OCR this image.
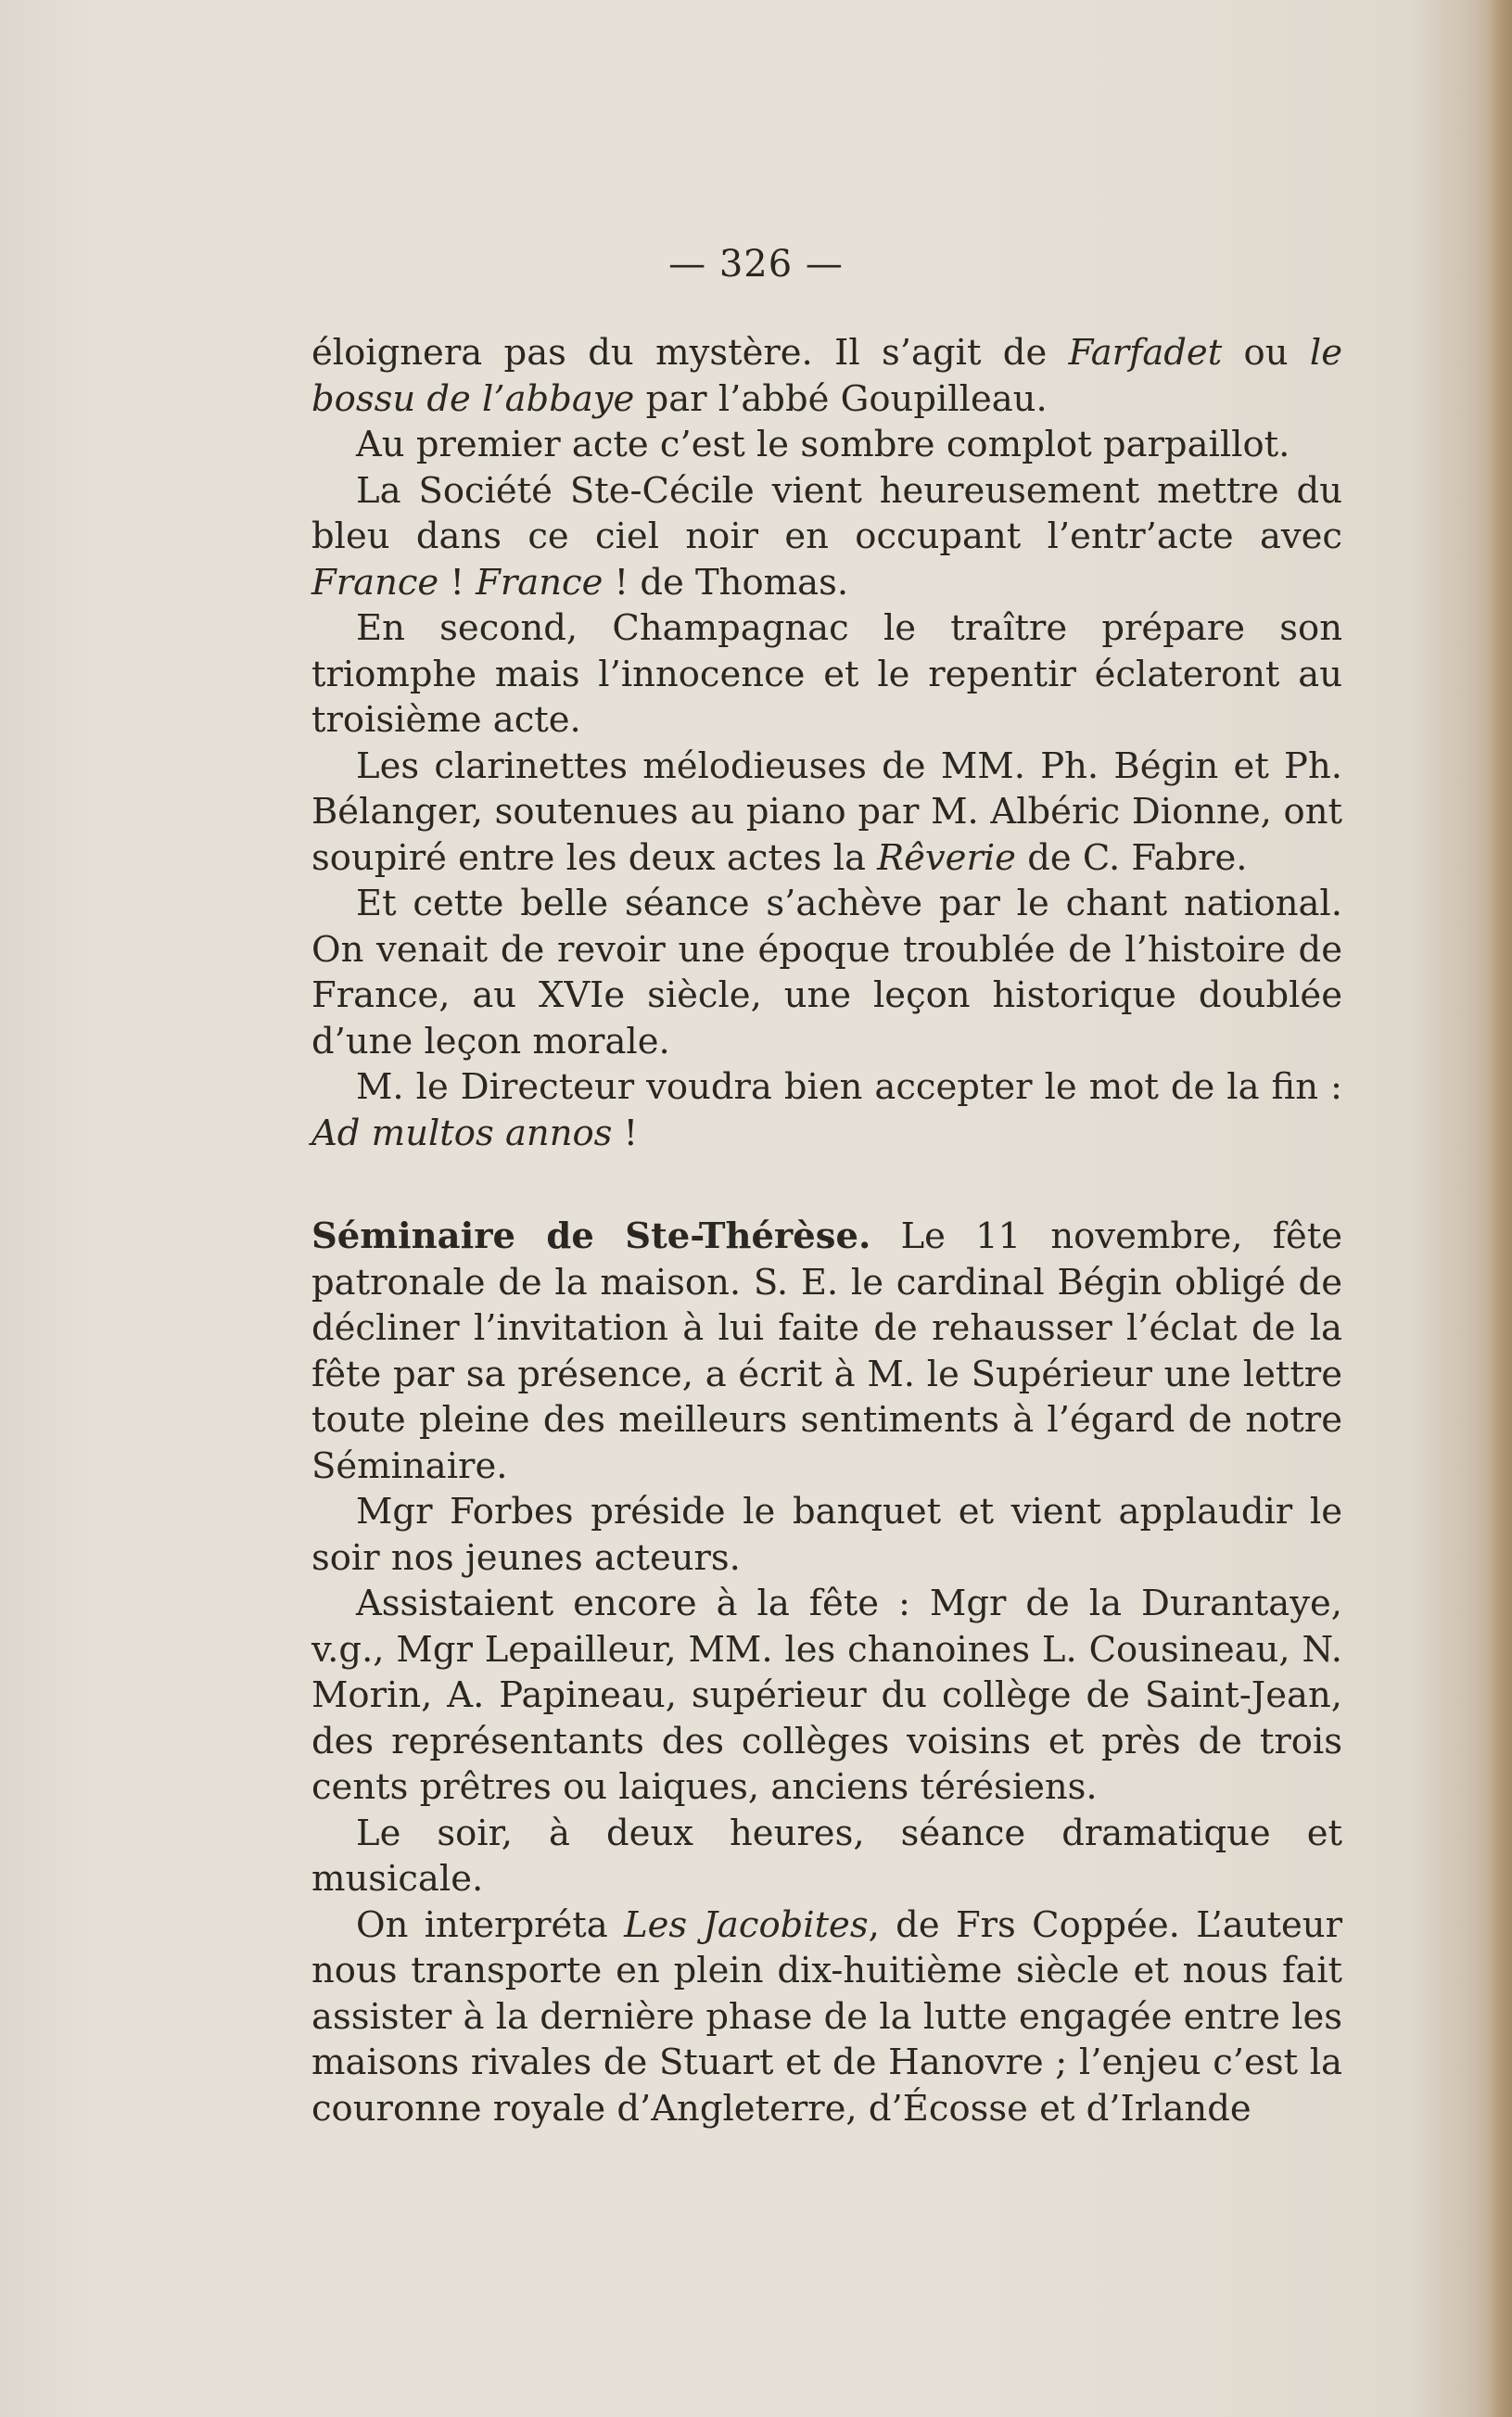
— 326 —

éloignera pas du mystère. Il s’agit de Farfadet ou le bossu de l’abbaye par l’abbé Goupilleau.

Au premier acte c’est le sombre complot parpaillot.

La Société Ste-Cécile vient heureusement mettre du bleu dans ce ciel noir en occupant l’entr’acte avec France ! France ! de Thomas.

En second, Champagnac le traître prépare son triomphe mais l’innocence et le repentir éclateront au troisième acte.

Les clarinettes mélodieuses de MM. Ph. Bégin et Ph. Bélanger, soutenues au piano par M. Albéric Dionne, ont soupiré entre les deux actes la Rêverie de C. Fabre.

Et cette belle séance s’achève par le chant national. On venait de revoir une époque troublée de l’histoire de France, au XVIe siècle, une leçon historique doublée d’une leçon morale.

M. le Directeur voudra bien accepter le mot de la fin : Ad multos annos !

Séminaire de Ste-Thérèse. Le 11 novembre, fête patronale de la maison. S. E. le cardinal Bégin obligé de décliner l’invitation à lui faite de rehausser l’éclat de la fête par sa présence, a écrit à M. le Supérieur une lettre toute pleine des meilleurs sentiments à l’égard de notre Séminaire.

Mgr Forbes préside le banquet et vient applaudir le soir nos jeunes acteurs.

Assistaient encore à la fête : Mgr de la Durantaye, v.g., Mgr Lepailleur, MM. les chanoines L. Cousineau, N. Morin, A. Papineau, supérieur du collège de Saint-Jean, des représentants des collèges voisins et près de trois cents prêtres ou laiques, anciens térésiens.

Le soir, à deux heures, séance dramatique et musicale.

On interpréta Les Jacobites, de Frs Coppée. L’auteur nous transporte en plein dix-huitième siècle et nous fait assister à la dernière phase de la lutte engagée entre les maisons rivales de Stuart et de Hanovre ; l’enjeu c’est la couronne royale d’Angleterre, d’Écosse et d’Irlande
